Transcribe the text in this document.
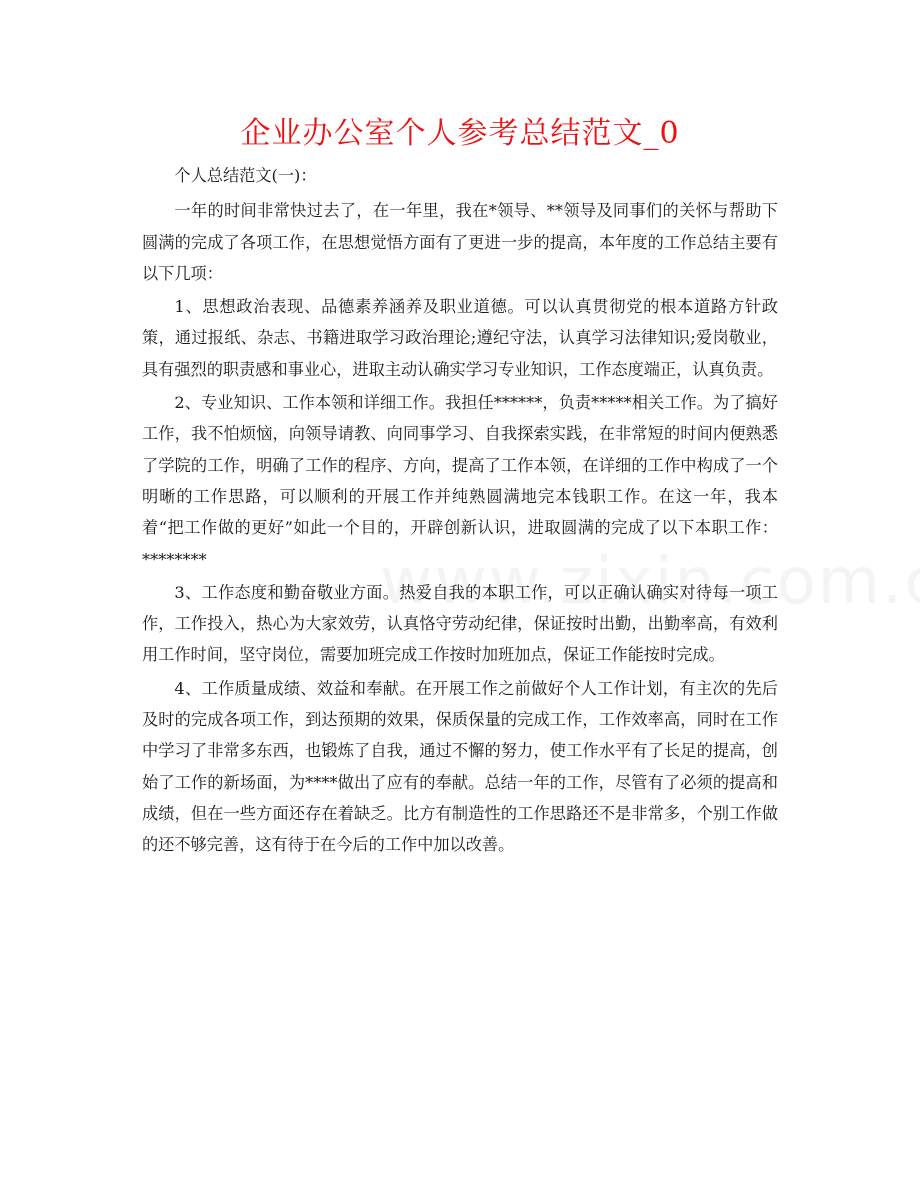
企业办公室个人参考总结范文_0

个人总结范文(一)：

一年的时间非常快过去了，在一年里，我在*领导、**领导及同事们的关怀与帮助下圆满的完成了各项工作，在思想觉悟方面有了更进一步的提高，本年度的工作总结主要有以下几项：

1、思想政治表现、品德素养涵养及职业道德。可以认真贯彻党的根本道路方针政策，通过报纸、杂志、书籍进取学习政治理论;遵纪守法，认真学习法律知识;爱岗敬业，具有强烈的职责感和事业心，进取主动认确实学习专业知识，工作态度端正，认真负责。

2、专业知识、工作本领和详细工作。我担任******，负责*****相关工作。为了搞好工作，我不怕烦恼，向领导请教、向同事学习、自我探索实践，在非常短的时间内便熟悉了学院的工作，明确了工作的程序、方向，提高了工作本领，在详细的工作中构成了一个明晰的工作思路，可以顺利的开展工作并纯熟圆满地完本钱职工作。在这一年，我本着“把工作做的更好”如此一个目的，开辟创新认识，进取圆满的完成了以下本职工作：********

3、工作态度和勤奋敬业方面。热爱自我的本职工作，可以正确认确实对待每一项工作，工作投入，热心为大家效劳，认真恪守劳动纪律，保证按时出勤，出勤率高，有效利用工作时间，坚守岗位，需要加班完成工作按时加班加点，保证工作能按时完成。

4、工作质量成绩、效益和奉献。在开展工作之前做好个人工作计划，有主次的先后及时的完成各项工作，到达预期的效果，保质保量的完成工作，工作效率高，同时在工作中学习了非常多东西，也锻炼了自我，通过不懈的努力，使工作水平有了长足的提高，创始了工作的新场面，为****做出了应有的奉献。总结一年的工作，尽管有了必须的提高和成绩，但在一些方面还存在着缺乏。比方有制造性的工作思路还不是非常多，个别工作做的还不够完善，这有待于在今后的工作中加以改善。
